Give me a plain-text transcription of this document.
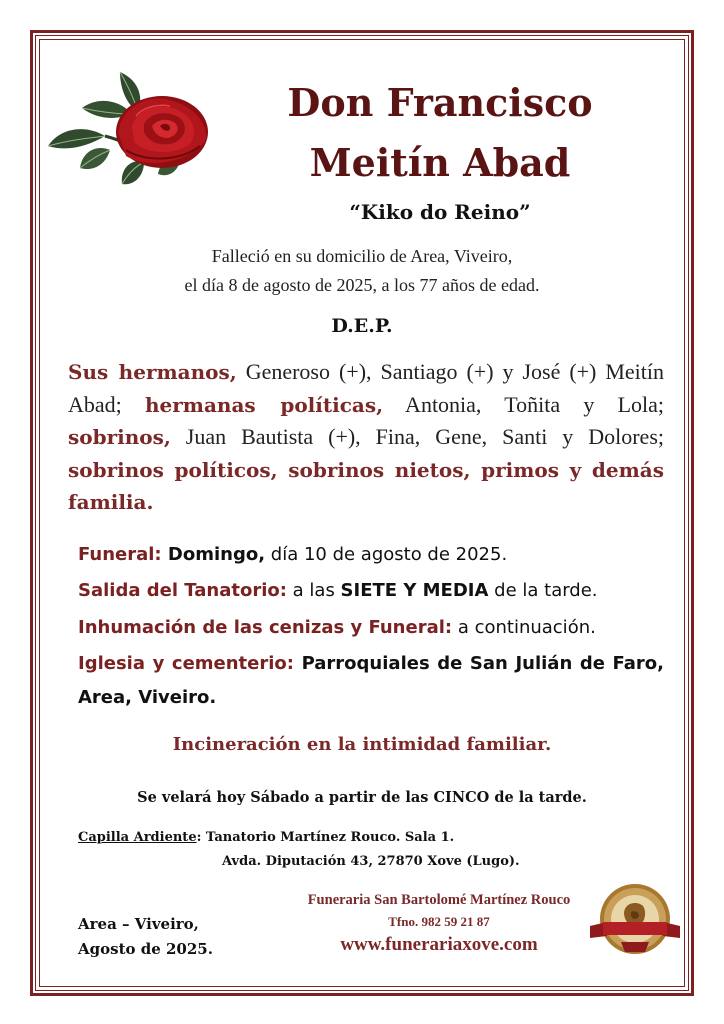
Don Francisco
Meitín Abad
“Kiko do Reino”
Falleció en su domicilio de Area, Viveiro,
el día 8 de agosto de 2025, a los 77 años de edad.
D.E.P.
Sus hermanos, Generoso (+), Santiago (+) y José (+) Meitín Abad; hermanas políticas, Antonia, Toñita y Lola; sobrinos, Juan Bautista (+), Fina, Gene, Santi y Dolores; sobrinos políticos, sobrinos nietos, primos y demás familia.
Funeral: Domingo, día 10 de agosto de 2025.
Salida del Tanatorio: a las SIETE Y MEDIA de la tarde.
Inhumación de las cenizas y Funeral: a continuación.
Iglesia y cementerio: Parroquiales de San Julián de Faro, Area, Viveiro.
Incineración en la intimidad familiar.
Se velará hoy Sábado a partir de las CINCO de la tarde.
Capilla Ardiente: Tanatorio Martínez Rouco. Sala 1.
Avda. Diputación 43, 27870 Xove (Lugo).
Area – Viveiro,
Agosto de 2025.
Funeraria San Bartolomé Martínez Rouco
Tfno. 982 59 21 87
www.funerariaxove.com
